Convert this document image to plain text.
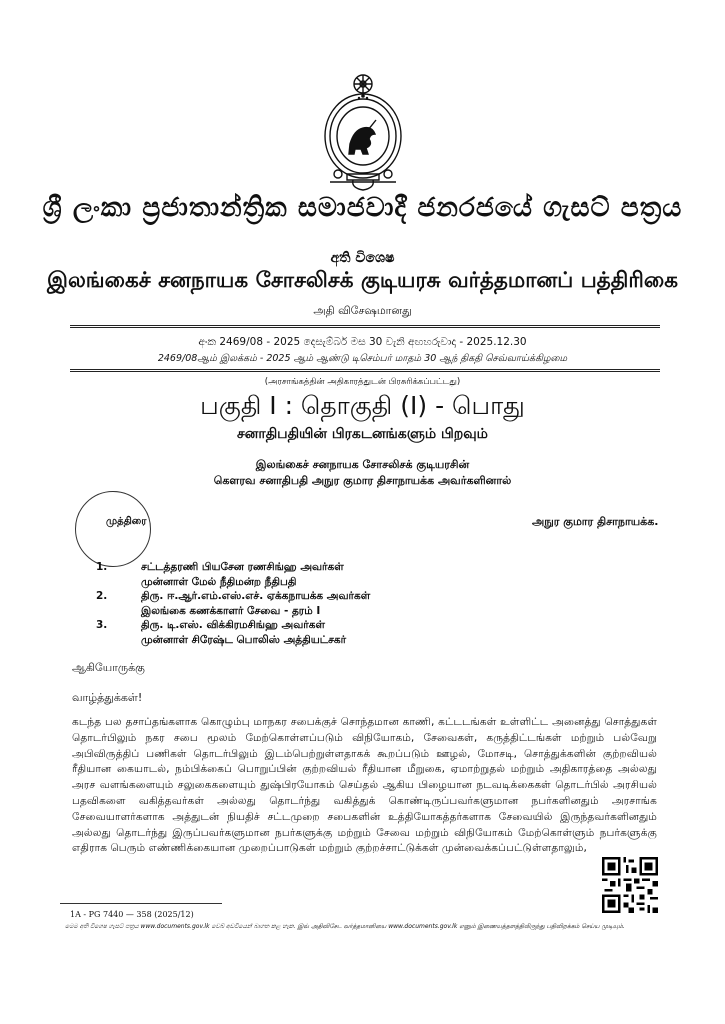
ශ්‍රී ලංකා ප්‍රජාතාන්ත්‍රික සමාජවාදී ජනරජයේ ගැසට් පත්‍රය
අති විශෙෂ
இலங்கைச் சனநாயக சோசலிசக் குடியரசு வர்த்தமானப் பத்திரிகை
அதி விசேஷமானது
අංක 2469/08 - 2025 දෙසැම්බර් මස 30 වැනි අඟහරුවාදා - 2025.12.30
2469/08ஆம் இலக்கம் - 2025 ஆம் ஆண்டு டிசெம்பர் மாதம் 30 ஆந் திகதி செவ்வாய்க்கிழமை
(அரசாங்கத்தின் அதிகாரத்துடன் பிரசுரிக்கப்பட்டது)
பகுதி I : தொகுதி (I) - பொது
சனாதிபதியின் பிரகடனங்களும் பிறவும்
இலங்கைச் சனநாயக சோசலிசக் குடியரசின்
கௌரவ சனாதிபதி அநுர குமார திசாநாயக்க அவர்களினால்
முத்திரை	அநுர குமார திசாநாயக்க.
1.	சட்டத்தரணி பியசேன ரணசிங்ஹ அவர்கள்
முன்னாள் மேல் நீதிமன்ற நீதிபதி
2.	திரு. ஈ.ஆர்.எம்.எஸ்.எச். ஏக்கநாயக்க அவர்கள்
இலங்கை கணக்காளர் சேவை - தரம் I
3.	திரு. டி.எஸ். விக்கிரமசிங்ஹ அவர்கள்
முன்னாள் சிரேஷ்ட பொலிஸ் அத்தியட்சகர்
ஆகியோருக்கு
வாழ்த்துக்கள்!

கடந்த பல தசாப்தங்களாக கொழும்பு மாநகர சபைக்குச் சொந்தமான காணி, கட்டடங்கள் உள்ளிட்ட அனைத்து சொத்துகள் தொடர்பிலும் நகர சபை மூலம் மேற்கொள்ளப்படும் விநியோகம், சேவைகள், கருத்திட்டங்கள் மற்றும் பல்வேறு அபிவிருத்திப் பணிகள் தொடர்பிலும் இடம்பெற்றுள்ளதாகக் கூறப்படும் ஊழல், மோசடி, சொத்துக்களின் குற்றவியல் ரீதியான கையாடல், நம்பிக்கைப் பொறுப்பின் குற்றவியல் ரீதியான மீறுகை, ஏமாற்றுதல் மற்றும் அதிகாரத்தை அல்லது அரச வளங்களையும் சலுகைகளையும் துஷ்பிரயோகம் செய்தல் ஆகிய பிழையான நடவடிக்கைகள் தொடர்பில் அரசியல் பதவிகளை வகித்தவர்கள் அல்லது தொடர்ந்து வகித்துக் கொண்டிருப்பவர்களுமான நபர்களினதும் அரசாங்க சேவையாளர்களாக அத்துடன் நியதிச் சட்டமுறை சபைகளின் உத்தியோகத்தர்களாக சேவையில் இருந்தவர்களினதும் அல்லது தொடர்ந்து இருப்பவர்களுமான நபர்களுக்கு மற்றும் சேவை மற்றும் விநியோகம் மேற்கொள்ளும் நபர்களுக்கு எதிராக பெரும் எண்ணிக்கையான முறைப்பாடுகள் மற்றும் குற்றச்சாட்டுக்கள் முன்வைக்கப்பட்டுள்ளதாலும்,

1A - PG 7440 — 358 (2025/12)
මෙම අති විශෙෂ ගැසට් පත්‍රය www.documents.gov.lk වෙබ් අඩවියෙන් බාගත කළ හැක. இவ் அதிவிசேட வர்த்தமானியை www.documents.gov.lk எனும் இணையத்தளத்திலிருந்து பதிவிறக்கம் செய்ய முடியும்.
